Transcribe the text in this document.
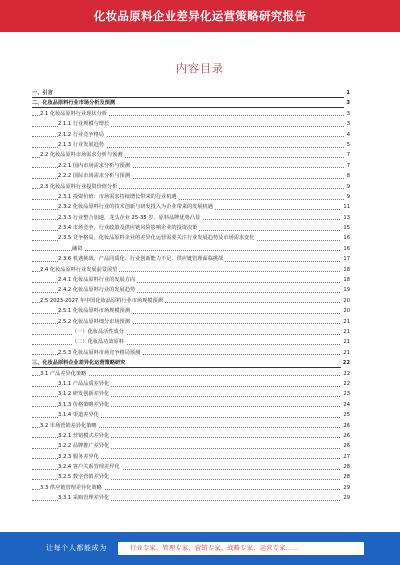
化妆品原料企业差异化运营策略研究报告
内容目录
一、引言	1
二、化妆品原料行业市场分析及预测	3
2.1 化妆品原料行业现状分析	3
2.1.1 行业规模与增长	3
2.1.2 行业竞争格局	4
2.1.3 行业发展趋势	5
2.2 化妆品原料市场需求分析与预测	7
2.2.1 国内市场需求分析与预测	7
2.2.2 国际市场需求分析与预测	8
2.3 化妆品原料行业投资价值分析	9
2.3.1 投资价值：市场需求持续增长带来的行业机遇	9
2.3.2 化妆品原料行业的技术创新与研发投入为企业带来的发展机遇	11
2.3.3 行业整合加速，龙头企业 25-35 岁、原料品牌优势凸显	13
2.3.4 市场竞争、行业政策及供应链风险影响企业的投资决策	15
2.3.5 竞争格局、化妆品原料企业的差异化运营需要关注行业发展趋势及市场需求变化	16
融资	16
2.3.6 机遇挑战、产品同质化、行业创新能力不足、供应链管理面临挑战	17
2.4 化妆品原料行业发展前景展望	18
2.4.1 化妆品原料行业的发展方向	18
2.4.2 化妆品原料行业的发展趋势	19
2.5 2023-2027 年中国化妆品原料行业市场规模预测	20
2.5.1 化妆品原料市场规模预测	20
2.5.2 化妆品原料细分市场预测	21
（一）化妆品活性成分	21
（二）化妆品功效原料	21
2.5.3 化妆品原料市场竞争格局预测	21
三、化妆品原料企业差异化运营策略研究	22
3.1 产品差异化策略	22
3.1.1 产品品质差异化	22
3.1.2 研发创新差异化	23
3.1.3 价格策略差异化	24
3.1.4 渠道差异化	25
3.2 市场营销差异化策略	26
3.2.1 营销模式差异化	26
3.2.2 品牌推广差异化	26
3.2.3 服务差异化	27
3.2.4 客户关系管理差异化	28
3.2.5 数字营销差异化	28
3.3 供应链管理差异化策略	29
3.3.1 采购管理差异化	29
让每个人都能成为	行业专家、管理专家、营销专家、战略专家、运营专家……
